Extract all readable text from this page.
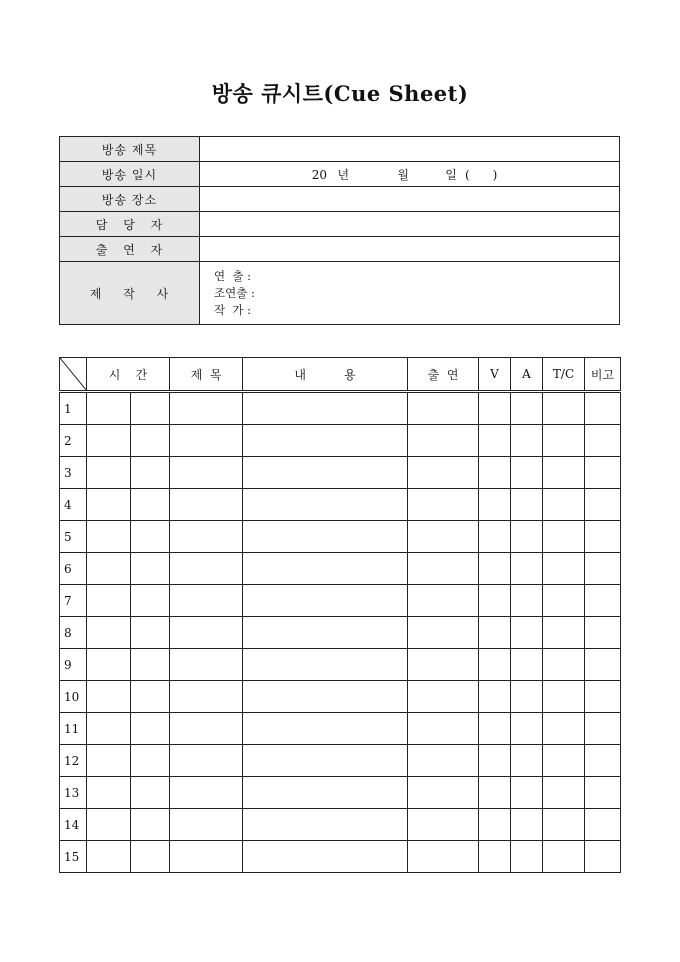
방송 큐시트(Cue Sheet)
방송 제목	
방송 일시	20 년 월 일 (      )
방송 장소	
담 당 자	
출 연 자	
제 작 사	연  출 :
조연출 :
작  가 :
	시    간		제  목	내          용	출  연	V	A	T/C	비고
1									
2									
3									
4									
5									
6									
7									
8									
9									
10									
11									
12									
13									
14									
15									
